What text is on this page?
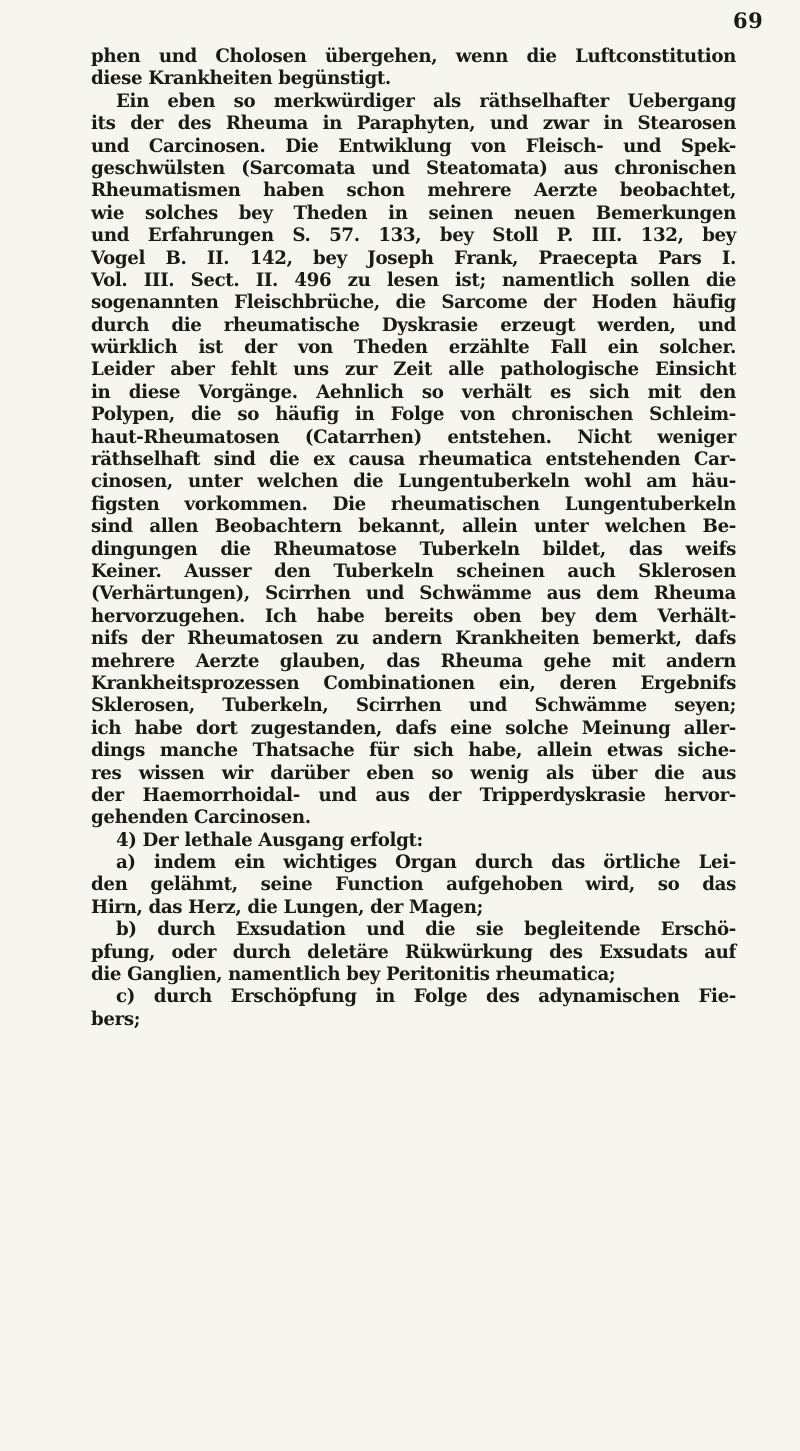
69
phen und Cholosen übergehen, wenn die Luftconstitution
diese Krankheiten begünstigt.
Ein eben so merkwürdiger als räthselhafter Uebergang
its der des Rheuma in Paraphyten, und zwar in Stearosen
und Carcinosen. Die Entwiklung von Fleisch- und Spek-
geschwülsten (Sarcomata und Steatomata) aus chronischen
Rheumatismen haben schon mehrere Aerzte beobachtet,
wie solches bey Theden in seinen neuen Bemerkungen
und Erfahrungen S. 57. 133, bey Stoll P. III. 132, bey
Vogel B. II. 142, bey Joseph Frank, Praecepta Pars I.
Vol. III. Sect. II. 496 zu lesen ist; namentlich sollen die
sogenannten Fleischbrüche, die Sarcome der Hoden häufig
durch die rheumatische Dyskrasie erzeugt werden, und
würklich ist der von Theden erzählte Fall ein solcher.
Leider aber fehlt uns zur Zeit alle pathologische Einsicht
in diese Vorgänge. Aehnlich so verhält es sich mit den
Polypen, die so häufig in Folge von chronischen Schleim-
haut-Rheumatosen (Catarrhen) entstehen. Nicht weniger
räthselhaft sind die ex causa rheumatica entstehenden Car-
cinosen, unter welchen die Lungentuberkeln wohl am häu-
figsten vorkommen. Die rheumatischen Lungentuberkeln
sind allen Beobachtern bekannt, allein unter welchen Be-
dingungen die Rheumatose Tuberkeln bildet, das weifs
Keiner. Ausser den Tuberkeln scheinen auch Sklerosen
(Verhärtungen), Scirrhen und Schwämme aus dem Rheuma
hervorzugehen. Ich habe bereits oben bey dem Verhält-
nifs der Rheumatosen zu andern Krankheiten bemerkt, dafs
mehrere Aerzte glauben, das Rheuma gehe mit andern
Krankheitsprozessen Combinationen ein, deren Ergebnifs
Sklerosen, Tuberkeln, Scirrhen und Schwämme seyen;
ich habe dort zugestanden, dafs eine solche Meinung aller-
dings manche Thatsache für sich habe, allein etwas siche-
res wissen wir darüber eben so wenig als über die aus
der Haemorrhoidal- und aus der Tripperdyskrasie hervor-
gehenden Carcinosen.
4) Der lethale Ausgang erfolgt:
a) indem ein wichtiges Organ durch das örtliche Lei-
den gelähmt, seine Function aufgehoben wird, so das
Hirn, das Herz, die Lungen, der Magen;
b) durch Exsudation und die sie begleitende Erschö-
pfung, oder durch deletäre Rükwürkung des Exsudats auf
die Ganglien, namentlich bey Peritonitis rheumatica;
c) durch Erschöpfung in Folge des adynamischen Fie-
bers;
